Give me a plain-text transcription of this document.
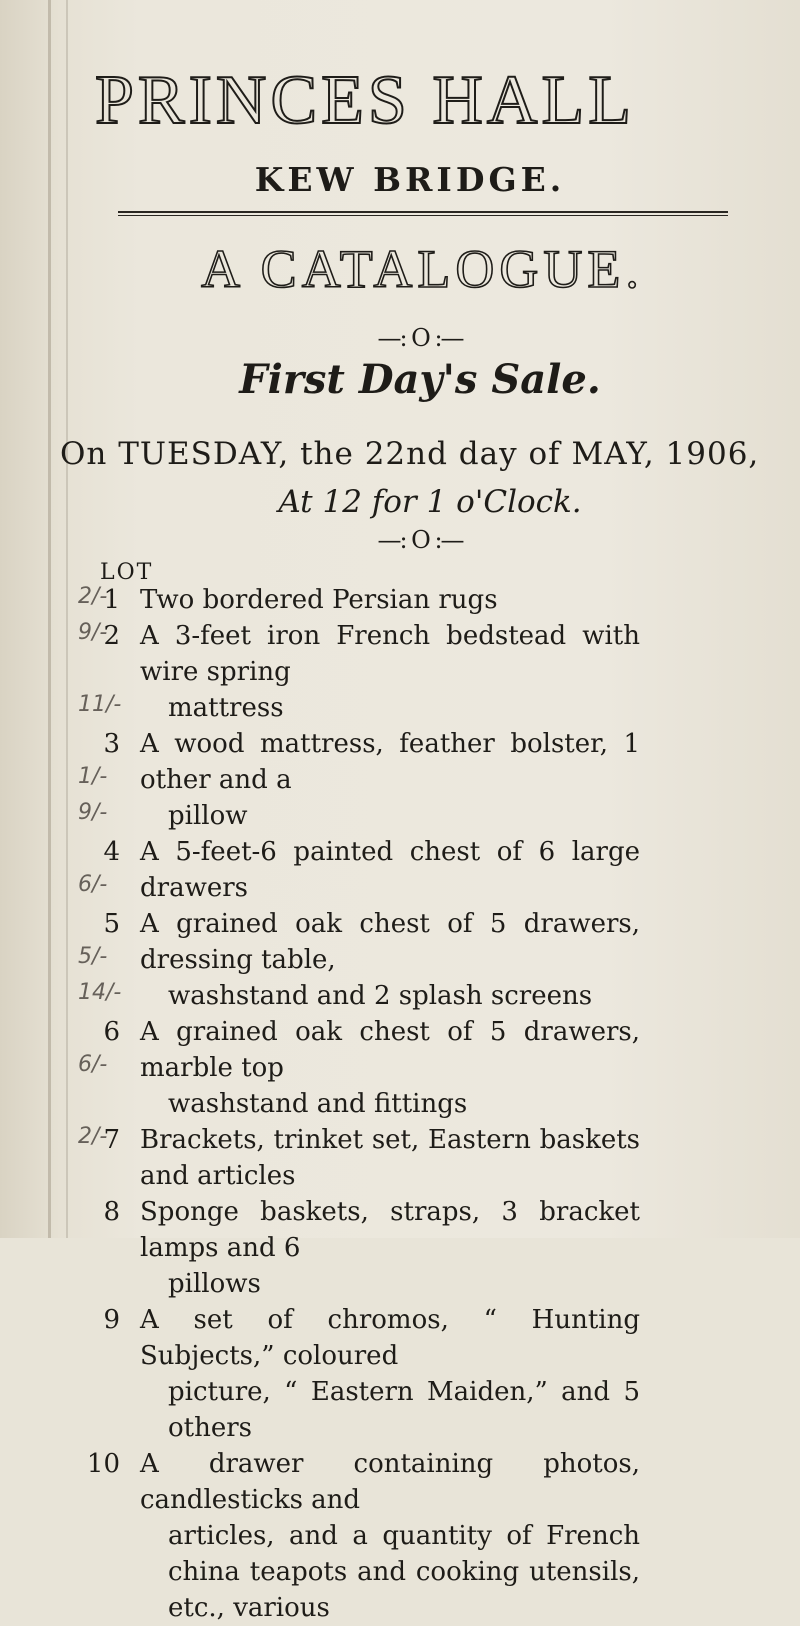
PRINCES HALL
KEW BRIDGE.
A CATALOGUE.
—: O :—
First Day's Sale.
On TUESDAY, the 22nd day of MAY, 1906,
At 12 for 1 o'Clock.
—: O :—
LOT
1 Two bordered Persian rugs
2 A 3-feet iron French bedstead with wire spring
mattress
3 A wood mattress, feather bolster, 1 other and a
pillow
4 A 5-feet-6 painted chest of 6 large drawers
5 A grained oak chest of 5 drawers, dressing table,
washstand and 2 splash screens
6 A grained oak chest of 5 drawers, marble top
washstand and fittings
7 Brackets, trinket set, Eastern baskets and articles
8 Sponge baskets, straps, 3 bracket lamps and 6
pillows
9 A set of chromos, “ Hunting Subjects,” coloured
picture, “ Eastern Maiden,” and 5 others
10 A drawer containing photos, candlesticks and
articles, and a quantity of French china teapots and cooking utensils, etc., various
2/-
9/-
11/-
1/-
9/-
6/-
5/-
14/-
6/-
2/-
